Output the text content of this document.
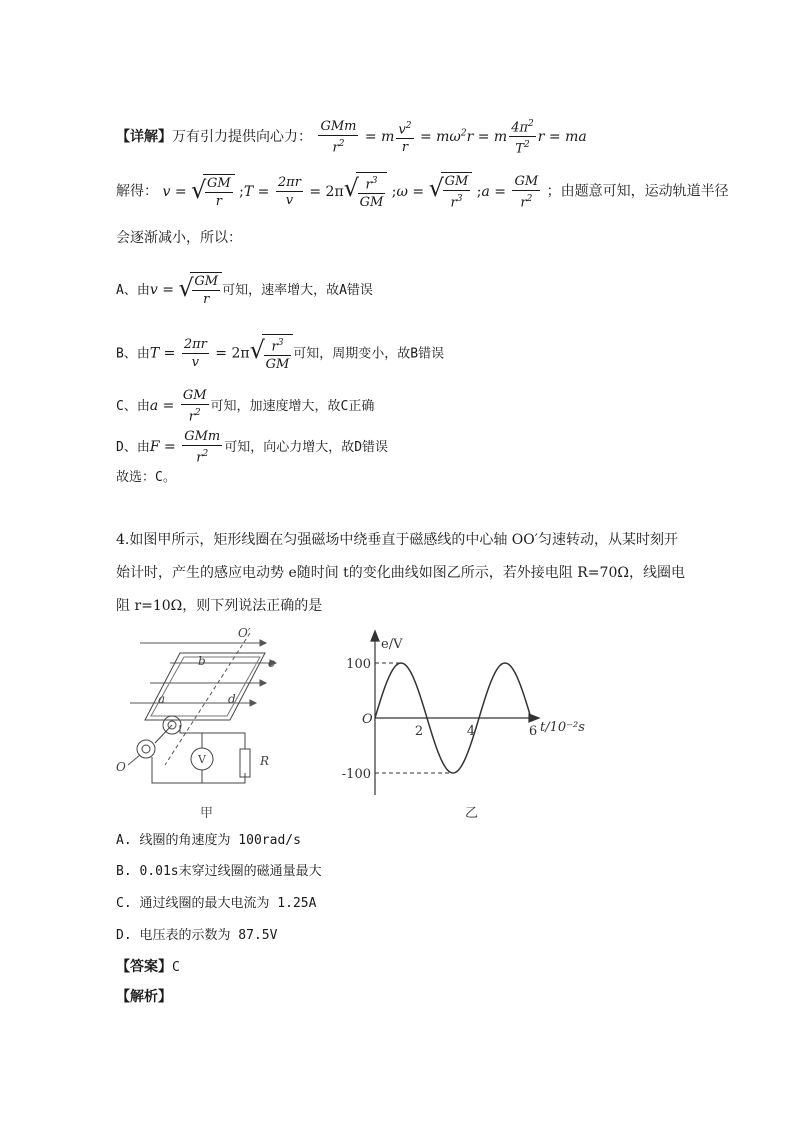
【详解】万有引力提供向心力： $\frac{\text{GMm}}{r^2} = m \frac{v^2}{r} = m\omega^2r = m \frac{4\pi^2}{T^2}$ r = ma
解得： v = √ $\frac{GM}{r}$ ;T = $\frac{2\pi r}{v} = 2\pi$ √ $\frac{r^3}{GM}$ ;ω = √ $\frac{GM}{r^3}$ ;a = $\frac{GM}{r^2}$ ；由题意可知，运动轨道半径
会逐渐减小，所以：
A、由v = √ $\frac{GM}{r}$ 可知，速率增大，故A错误
B、由$T = \frac{2\pi r}{v} = 2\pi$ √ $\frac{r^3}{GM}$ 可知，周期变小，故B错误
C、由$a = \frac{GM}{r^2}$ 可知，加速度增大，故C正确
D、由$F = \frac{\text{GMm}}{r^2}$ 可知，向心力增大，故D错误
故选：C。
4.如图甲所示，矩形线圈在匀强磁场中绕垂直于磁感线的中心轴 OO′匀速转动，从某时刻开
始计时，产生的感应电动势 e随时间 t的变化曲线如图乙所示，若外接电阻 R=70Ω，线圈电
阻 r=10Ω，则下列说法正确的是
O′
b	c
a	d
O
V	R
甲
100
-100
2	4	6
e/V
t/10⁻²s
O
乙
A. 线圈的角速度为 100rad/s
B. 0.01s末穿过线圈的磁通量最大
C. 通过线圈的最大电流为 1.25A
D. 电压表的示数为 87.5V
【答案】C
【解析】
